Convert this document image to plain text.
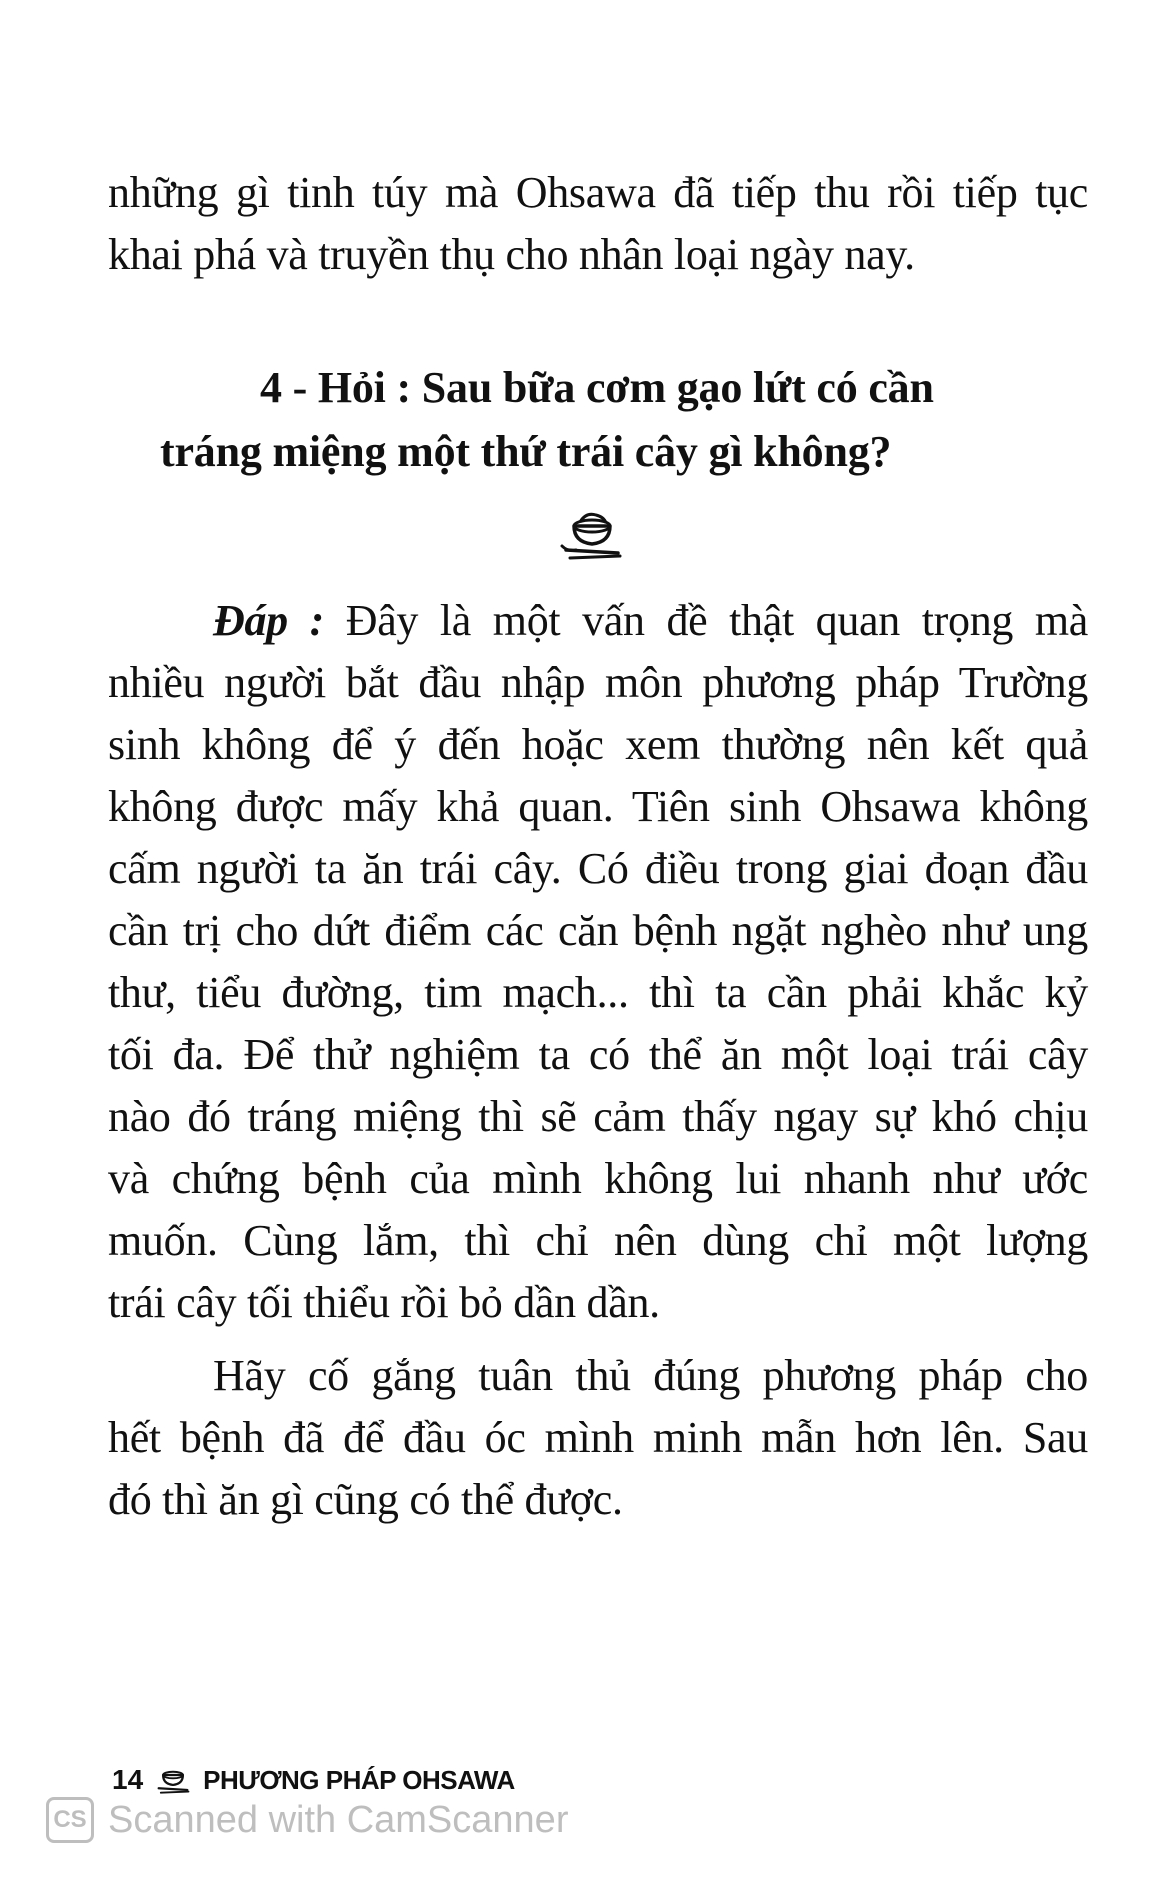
những gì tinh túy mà Ohsawa đã tiếp thu rồi tiếp tục
khai phá và truyền thụ cho nhân loại ngày nay.
4 - Hỏi : Sau bữa cơm gạo lứt có cần
tráng miệng một thứ trái cây gì không?
Đáp : Đây là một vấn đề thật quan trọng mà
nhiều người bắt đầu nhập môn phương pháp Trường
sinh không để ý đến hoặc xem thường nên kết quả
không được mấy khả quan. Tiên sinh Ohsawa không
cấm người ta ăn trái cây. Có điều trong giai đoạn đầu
cần trị cho dứt điểm các căn bệnh ngặt nghèo như ung
thư, tiểu đường, tim mạch... thì ta cần phải khắc kỷ
tối đa. Để thử nghiệm ta có thể ăn một loại trái cây
nào đó tráng miệng thì sẽ cảm thấy ngay sự khó chịu
và chứng bệnh của mình không lui nhanh như ước
muốn. Cùng lắm, thì chỉ nên dùng chỉ một lượng
trái cây tối thiểu rồi bỏ dần dần.
Hãy cố gắng tuân thủ đúng phương pháp cho
hết bệnh đã để đầu óc mình minh mẫn hơn lên. Sau
đó thì ăn gì cũng có thể được.
14 PHƯƠNG PHÁP OHSAWA
CS Scanned with CamScanner
